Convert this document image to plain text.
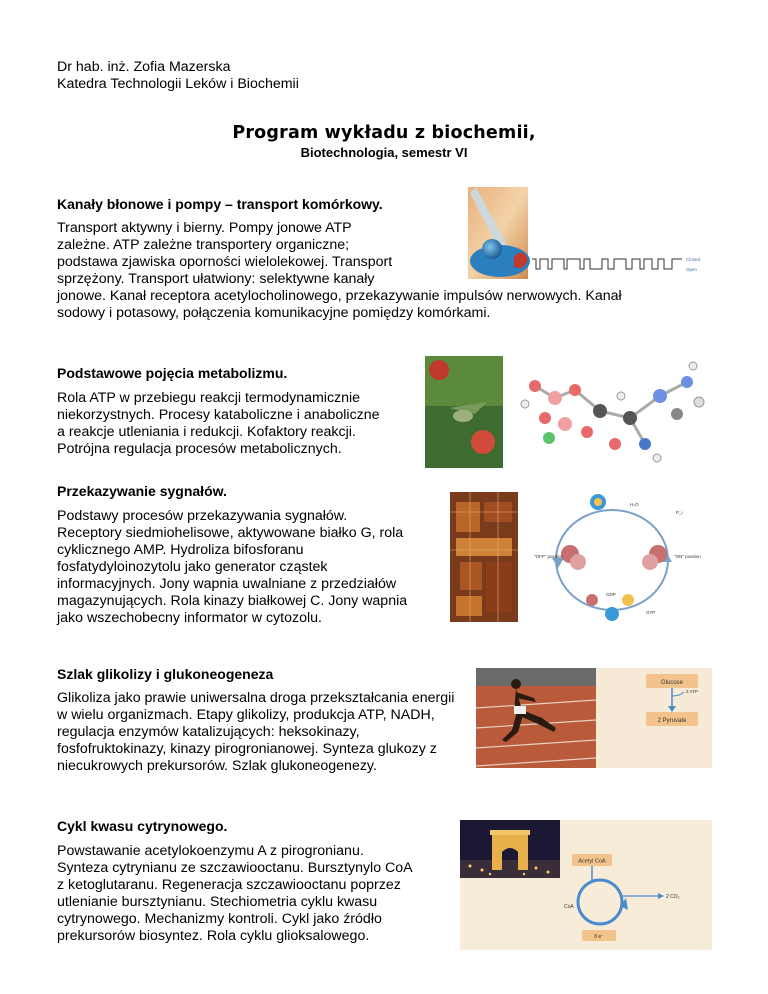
Dr hab. inż. Zofia Mazerska
Katedra Technologii Leków i Biochemii
Program wykładu z biochemii,
Biotechnologia, semestr VI
Kanały błonowe i pompy – transport komórkowy.
Transport aktywny i bierny. Pompy jonowe ATP
zależne. ATP zależne transportery organiczne;
podstawa zjawiska oporności wielolekowej. Transport
sprzężony. Transport ułatwiony: selektywne kanały
jonowe. Kanał receptora acetylocholinowego, przekazywanie impulsów nerwowych. Kanał
sodowy i potasowy, połączenia komunikacyjne pomiędzy komórkami.
Closed
Open
Podstawowe pojęcia metabolizmu.
Rola ATP w przebiegu reakcji termodynamicznie
niekorzystnych. Procesy kataboliczne i anaboliczne
a reakcje utleniania i redukcji. Kofaktory reakcji.
Potrójna regulacja procesów metabolicznych.
Przekazywanie sygnałów.
Podstawy procesów przekazywania sygnałów.
Receptory siedmiohelisowe, aktywowane białko G, rola
cyklicznego AMP. Hydroliza bifosforanu
fosfatydyloinozytolu jako generator cząstek
informacyjnych. Jony wapnia uwalniane z przedziałów
magazynujących. Rola kinazy białkowej C. Jony wapnia
jako wszechobecny informator w cytozolu.
"OFF" position	"ON" position
GTP
GDP
P_i
H₂O
Szlak glikolizy i glukoneogeneza
Glikoliza jako prawie uniwersalna droga przekształcania energii
w wielu organizmach. Etapy glikolizy, produkcja ATP, NADH,
regulacja enzymów katalizujących: heksokinazy,
fosfofruktokinazy, kinazy pirogronianowej. Synteza glukozy z
niecukrowych prekursorów. Szlak glukoneogenezy.
Glucose
2 ATP
2 Pyruvate
Cykl kwasu cytrynowego.
Powstawanie acetylokoenzymu A z pirogronianu.
Synteza cytrynianu ze szczawiooctanu. Bursztynylo CoA
z ketoglutaranu. Regeneracja szczawiooctanu poprzez
utlenianie bursztynianu. Stechiometria cyklu kwasu
cytrynowego. Mechanizmy kontroli. Cykl jako źródło
prekursorów biosyntez. Rola cyklu glioksalowego.
Acetyl CoA
2 CO₂
CoA
8 e⁻
